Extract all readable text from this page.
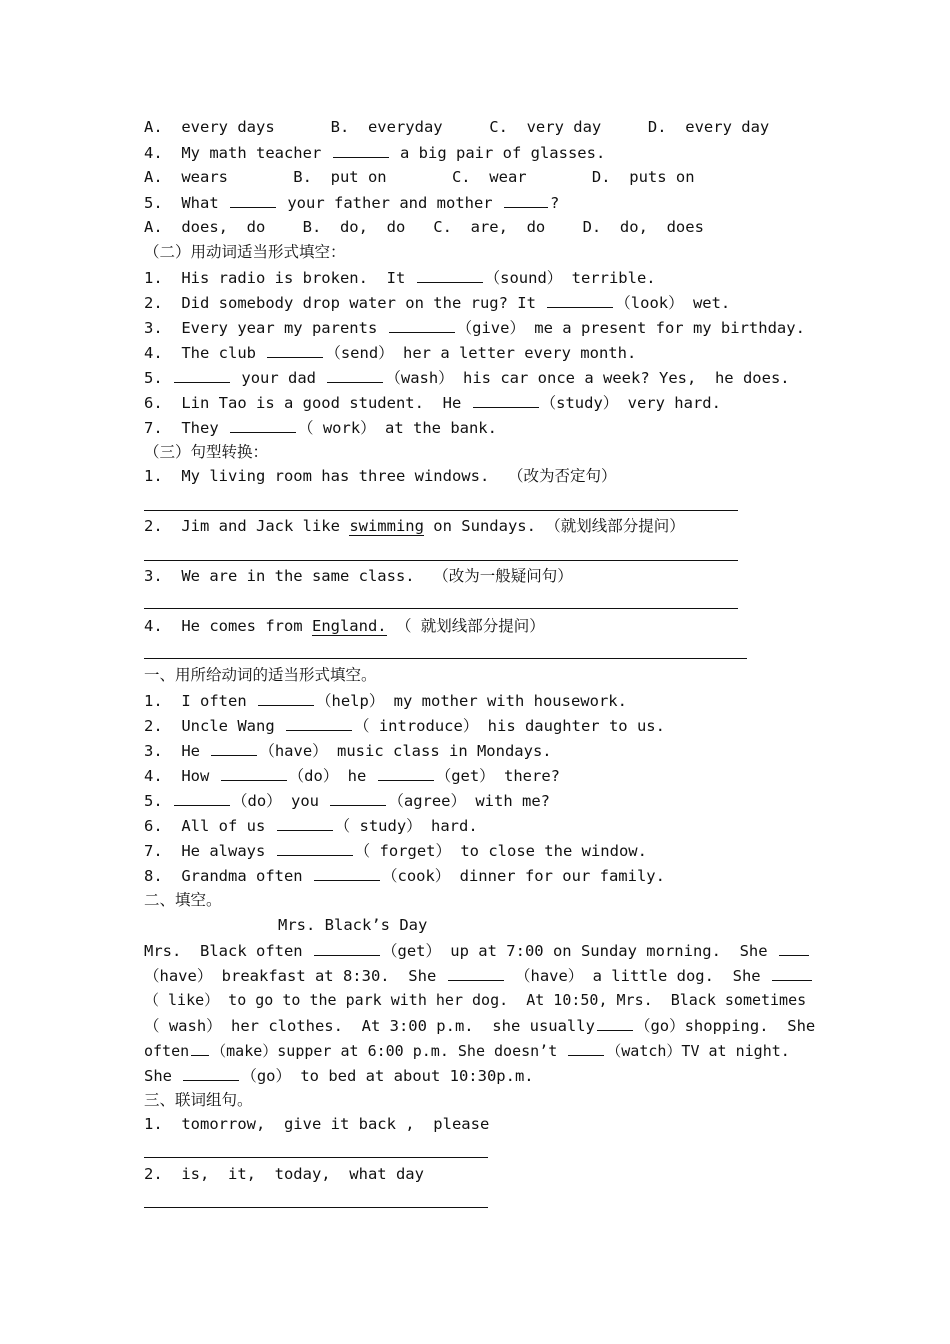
A.  every days      B.  everyday     C.  very day     D.  every day
4.  My math teacher	a big pair of glasses.
A.  wears       B.  put on       C.  wear       D.  puts on
5.  What	your father and mother	?
A.  does,  do    B.  do,  do   C.  are,  do    D.  do,  does
（二）用动词适当形式填空：
1.  His radio is broken.  It	（sound） terrible.
2.  Did somebody drop water on the rug? It	（look） wet.
3.  Every year my parents	（give） me a present for my birthday.
4.  The club	（send） her a letter every month.
5.	your dad	（wash） his car once a week? Yes,  he does.
6.  Lin Tao is a good student.  He	（study） very hard.
7.  They	（ work） at the bank.
（三）句型转换：
1.  My living room has three windows.  （改为否定句）
2.  Jim and Jack like swimming on Sundays. （就划线部分提问）
3.  We are in the same class.  （改为一般疑问句）
4.  He comes from England. （ 就划线部分提问）
一、用所给动词的适当形式填空。
1.  I often	（help） my mother with housework.
2.  Uncle Wang	（ introduce） his daughter to us.
3.  He	（have） music class in Mondays.
4.  How	（do） he	（get） there?
5.	（do） you	（agree） with me?
6.  All of us	（ study） hard.
7.  He always	（ forget） to close the window.
8.  Grandma often	（cook） dinner for our family.
二、填空。
Mrs. Black’s Day
Mrs.  Black often	（get） up at 7:00 on Sunday morning.  She
（have） breakfast at 8:30.  She	（have） a little dog.  She
（ like） to go to the park with her dog.  At 10:50, Mrs.  Black sometimes
（ wash） her clothes.  At 3:00 p.m.  she usually	（go）shopping.  She
often （make）supper at 6:00 p.m. She doesn’t	（watch）TV at night.
She	（go） to bed at about 10:30p.m.
三、联词组句。
1.  tomorrow,  give it back ,  please
2.  is,  it,  today,  what day
